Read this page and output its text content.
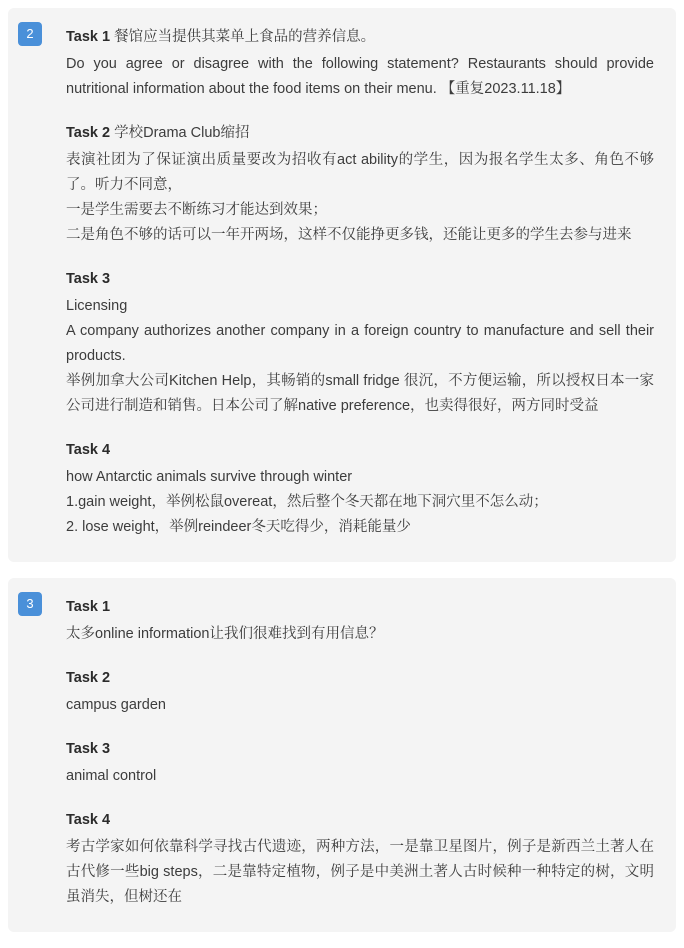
2	Task 1 餐馆应当提供其菜单上食品的营养信息。

Do you agree or disagree with the following statement? Restaurants should provide nutritional information about the food items on their menu. 【重复2023.11.18】

Task 2 学校Drama Club缩招

表演社团为了保证演出质量要改为招收有act ability的学生，因为报名学生太多、角色不够了。听力不同意，

一是学生需要去不断练习才能达到效果；

二是角色不够的话可以一年开两场，这样不仅能挣更多钱，还能让更多的学生去参与进来

Task 3

Licensing

A company authorizes another company in a foreign country to manufacture and sell their products.

举例加拿大公司Kitchen Help，其畅销的small fridge 很沉，不方便运输，所以授权日本一家公司进行制造和销售。日本公司了解native preference，也卖得很好，两方同时受益

Task 4

how Antarctic animals survive through winter

1.gain weight，举例松鼠overeat，然后整个冬天都在地下洞穴里不怎么动；

2. lose weight，举例reindeer冬天吃得少，消耗能量少

3	Task 1

太多online information让我们很难找到有用信息？

Task 2

campus garden

Task 3

animal control

Task 4

考古学家如何依靠科学寻找古代遗迹，两种方法，一是靠卫星图片，例子是新西兰土著人在古代修一些big steps，二是靠特定植物，例子是中美洲土著人古时候种一种特定的树，文明虽消失，但树还在
